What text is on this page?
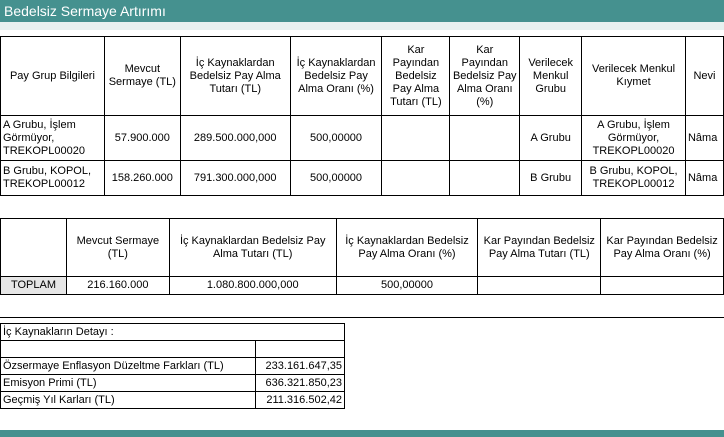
Bedelsiz Sermaye Artırımı
Pay Grup Bilgileri	Mevcut Sermaye (TL)	İç Kaynaklardan Bedelsiz Pay Alma Tutarı (TL)	İç Kaynaklardan Bedelsiz Pay Alma Oranı (%)	Kar Payından Bedelsiz Pay Alma Tutarı (TL)	Kar Payından Bedelsiz Pay Alma Oranı (%)	Verilecek Menkul Grubu	Verilecek Menkul Kıymet	Nevi
A Grubu, İşlem Görmüyor, TREKOPL00020	57.900.000	289.500.000,000	500,00000			A Grubu	A Grubu, İşlem Görmüyor, TREKOPL00020	Nâma
B Grubu, KOPOL, TREKOPL00012	158.260.000	791.300.000,000	500,00000			B Grubu	B Grubu, KOPOL, TREKOPL00012	Nâma
	Mevcut Sermaye (TL)	İç Kaynaklardan Bedelsiz Pay Alma Tutarı (TL)	İç Kaynaklardan Bedelsiz Pay Alma Oranı (%)	Kar Payından Bedelsiz Pay Alma Tutarı (TL)	Kar Payından Bedelsiz Pay Alma Oranı (%)
TOPLAM	216.160.000	1.080.800.000,000	500,00000		
İç Kaynakların Detayı :	

Özsermaye Enflasyon Düzeltme Farkları (TL)	233.161.647,35
Emisyon Primi (TL)	636.321.850,23
Geçmiş Yıl Karları (TL)	211.316.502,42
